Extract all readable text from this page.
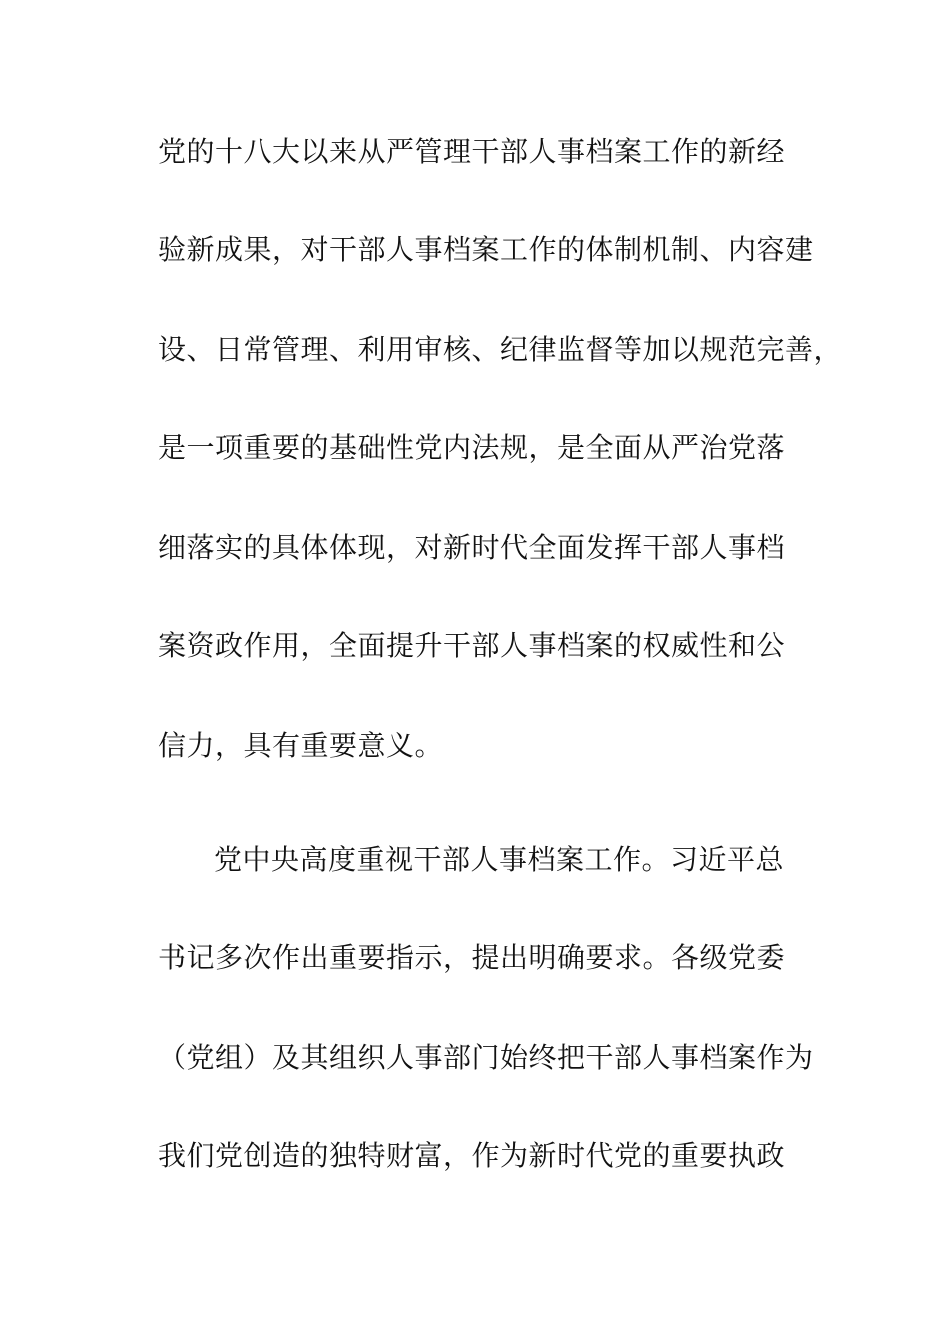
党的十八大以来从严管理干部人事档案工作的新经
验新成果，对干部人事档案工作的体制机制、内容建
设、日常管理、利用审核、纪律监督等加以规范完善，
是一项重要的基础性党内法规，是全面从严治党落
细落实的具体体现，对新时代全面发挥干部人事档
案资政作用，全面提升干部人事档案的权威性和公
信力，具有重要意义。
党中央高度重视干部人事档案工作。习近平总
书记多次作出重要指示，提出明确要求。各级党委
（党组）及其组织人事部门始终把干部人事档案作为
我们党创造的独特财富，作为新时代党的重要执政
